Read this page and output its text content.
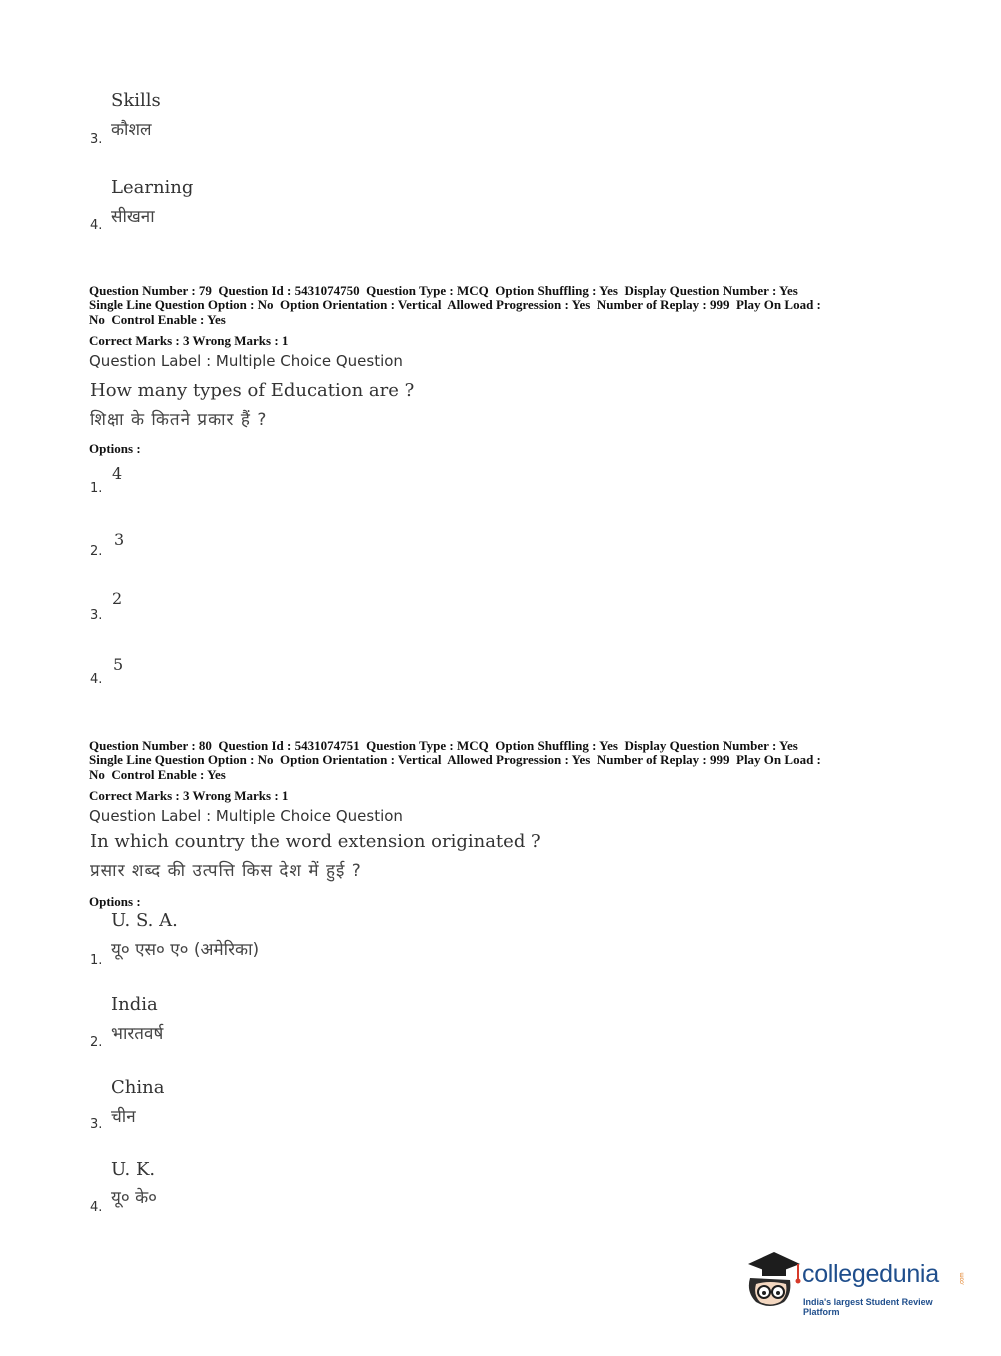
Skills
कौशल
3.
Learning
सीखना
4.
Question Number : 79  Question Id : 5431074750  Question Type : MCQ  Option Shuffling : Yes  Display Question Number : Yes
Single Line Question Option : No  Option Orientation : Vertical  Allowed Progression : Yes  Number of Replay : 999  Play On Load :
No  Control Enable : Yes
Correct Marks : 3 Wrong Marks : 1
Question Label : Multiple Choice Question
How many types of Education are ?
शिक्षा के कितने प्रकार हैं ?
Options :
4
1.
3
2.
2
3.
5
4.
Question Number : 80  Question Id : 5431074751  Question Type : MCQ  Option Shuffling : Yes  Display Question Number : Yes
Single Line Question Option : No  Option Orientation : Vertical  Allowed Progression : Yes  Number of Replay : 999  Play On Load :
No  Control Enable : Yes
Correct Marks : 3 Wrong Marks : 1
Question Label : Multiple Choice Question
In which country the word extension originated ?
प्रसार शब्द की उत्पत्ति किस देश में हुई ?
Options :
U. S. A.
यू० एस० ए० (अमेरिका)
1.
India
भारतवर्ष
2.
China
चीन
3.
U. K.
यू० के०
4.
collegedunia	.com
India's largest Student Review Platform
